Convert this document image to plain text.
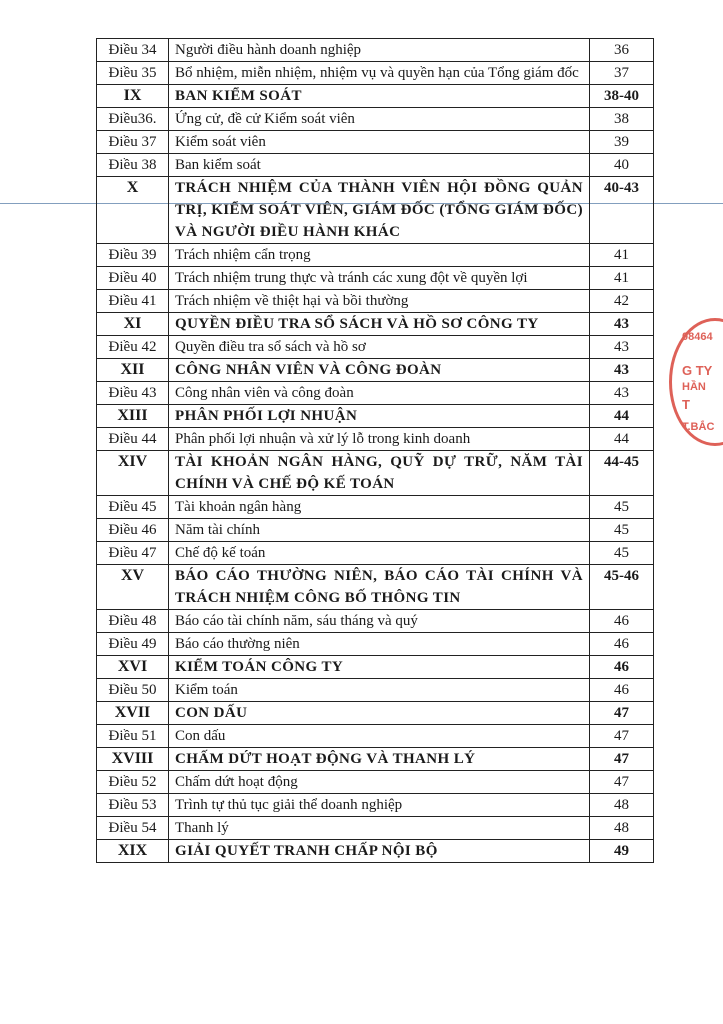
Điều 34	Người điều hành doanh nghiệp	36
Điều 35	Bổ nhiệm, miễn nhiệm, nhiệm vụ và quyền hạn của Tổng giám đốc	37
IX	BAN KIỂM SOÁT	38-40
Điều36.	Ứng cử, đề cử Kiểm soát viên	38
Điều 37	Kiểm soát viên	39
Điều 38	Ban kiểm soát	40
X	TRÁCH NHIỆM CỦA THÀNH VIÊN HỘI ĐỒNG QUẢN TRỊ, KIỂM SOÁT VIÊN, GIÁM ĐỐC (TỔNG GIÁM ĐỐC) VÀ NGƯỜI ĐIỀU HÀNH KHÁC	40-43
Điều 39	Trách nhiệm cẩn trọng	41
Điều 40	Trách nhiệm trung thực và tránh các xung đột về quyền lợi	41
Điều 41	Trách nhiệm về thiệt hại và bồi thường	42
XI	QUYỀN ĐIỀU TRA SỔ SÁCH VÀ HỒ SƠ CÔNG TY	43
Điều 42	Quyền điều tra sổ sách và hồ sơ	43
XII	CÔNG NHÂN VIÊN VÀ CÔNG ĐOÀN	43
Điều 43	Công nhân viên và công đoàn	43
XIII	PHÂN PHỐI LỢI NHUẬN	44
Điều 44	Phân phối lợi nhuận và xử lý lỗ trong kinh doanh	44
XIV	TÀI KHOẢN NGÂN HÀNG, QUỸ DỰ TRỮ, NĂM TÀI CHÍNH VÀ CHẾ ĐỘ KẾ TOÁN	44-45
Điều 45	Tài khoản ngân hàng	45
Điều 46	Năm tài chính	45
Điều 47	Chế độ kế toán	45
XV	BÁO CÁO THƯỜNG NIÊN, BÁO CÁO TÀI CHÍNH VÀ TRÁCH NHIỆM CÔNG BỐ THÔNG TIN	45-46
Điều 48	Báo cáo tài chính năm, sáu tháng và quý	46
Điều 49	Báo cáo thường niên	46
XVI	KIỂM TOÁN CÔNG TY	46
Điều 50	Kiểm toán	46
XVII	CON DẤU	47
Điều 51	Con dấu	47
XVIII	CHẤM DỨT HOẠT ĐỘNG VÀ THANH LÝ	47
Điều 52	Chấm dứt hoạt động	47
Điều 53	Trình tự thủ tục giải thể doanh nghiệp	48
Điều 54	Thanh lý	48
XIX	GIẢI QUYẾT TRANH CHẤP NỘI BỘ	49
08464
G TY
HẦN
T
T.BẮC
